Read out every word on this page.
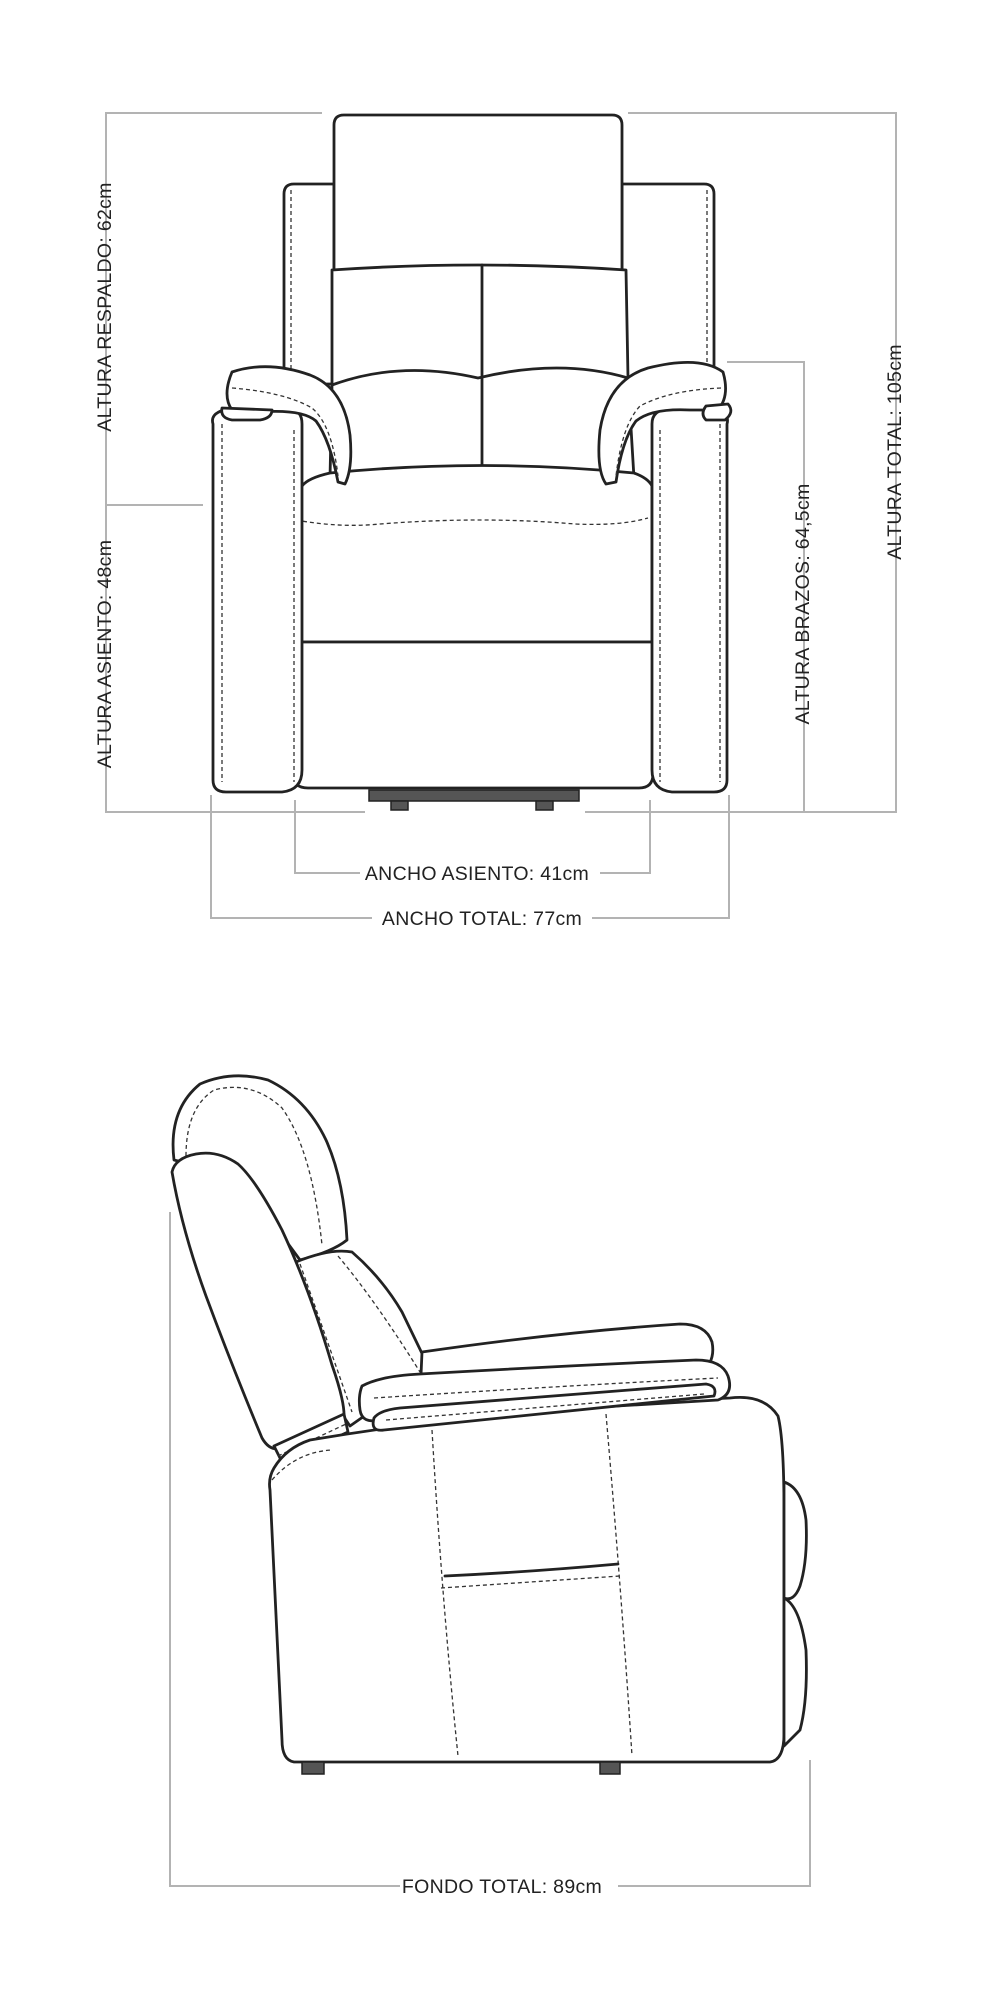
ALTURA RESPALDO: 62cm
ALTURA ASIENTO: 48cm	ALTURA BRAZOS: 64,5cm
ALTURA TOTAL: 105cm
ANCHO ASIENTO: 41cm
ANCHO TOTAL: 77cm
FONDO TOTAL: 89cm
